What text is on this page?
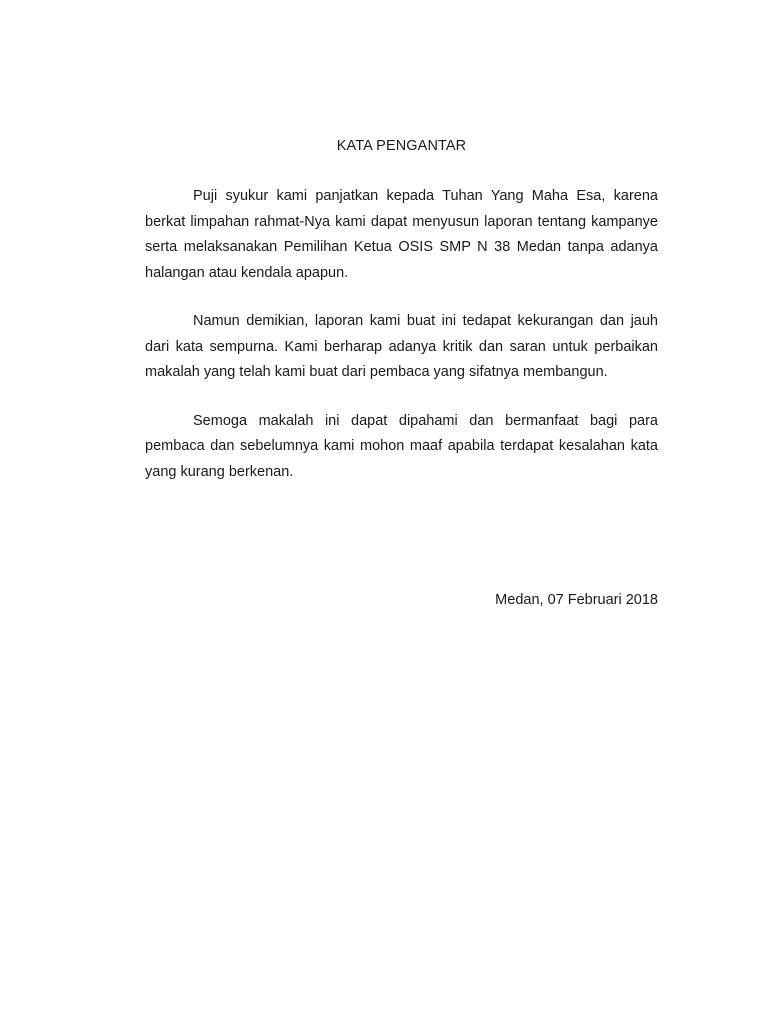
KATA PENGANTAR

Puji syukur kami panjatkan kepada Tuhan Yang Maha Esa, karena berkat limpahan rahmat-Nya kami dapat menyusun laporan tentang kampanye serta melaksanakan Pemilihan Ketua OSIS SMP N 38 Medan tanpa adanya halangan atau kendala apapun.

Namun demikian, laporan kami buat ini tedapat kekurangan dan jauh dari kata sempurna. Kami berharap adanya kritik dan saran untuk perbaikan makalah yang telah kami buat dari pembaca yang sifatnya membangun.

Semoga makalah ini dapat dipahami dan bermanfaat bagi para pembaca dan sebelumnya kami mohon maaf apabila terdapat kesalahan kata yang kurang berkenan.

Medan, 07 Februari 2018
